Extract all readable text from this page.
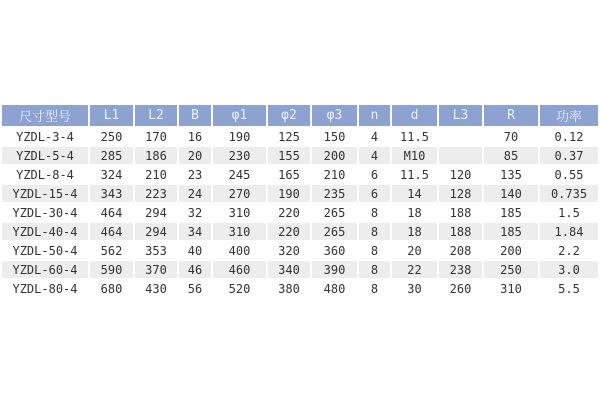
尺寸型号	L1	L2	B	φ1	φ2	φ3	n	d	L3	R	功率
YZDL-3-4	250	170	16	190	125	150	4	11.5		70	0.12
YZDL-5-4	285	186	20	230	155	200	4	M10		85	0.37
YZDL-8-4	324	210	23	245	165	210	6	11.5	120	135	0.55
YZDL-15-4	343	223	24	270	190	235	6	14	128	140	0.735
YZDL-30-4	464	294	32	310	220	265	8	18	188	185	1.5
YZDL-40-4	464	294	34	310	220	265	8	18	188	185	1.84
YZDL-50-4	562	353	40	400	320	360	8	20	208	200	2.2
YZDL-60-4	590	370	46	460	340	390	8	22	238	250	3.0
YZDL-80-4	680	430	56	520	380	480	8	30	260	310	5.5
